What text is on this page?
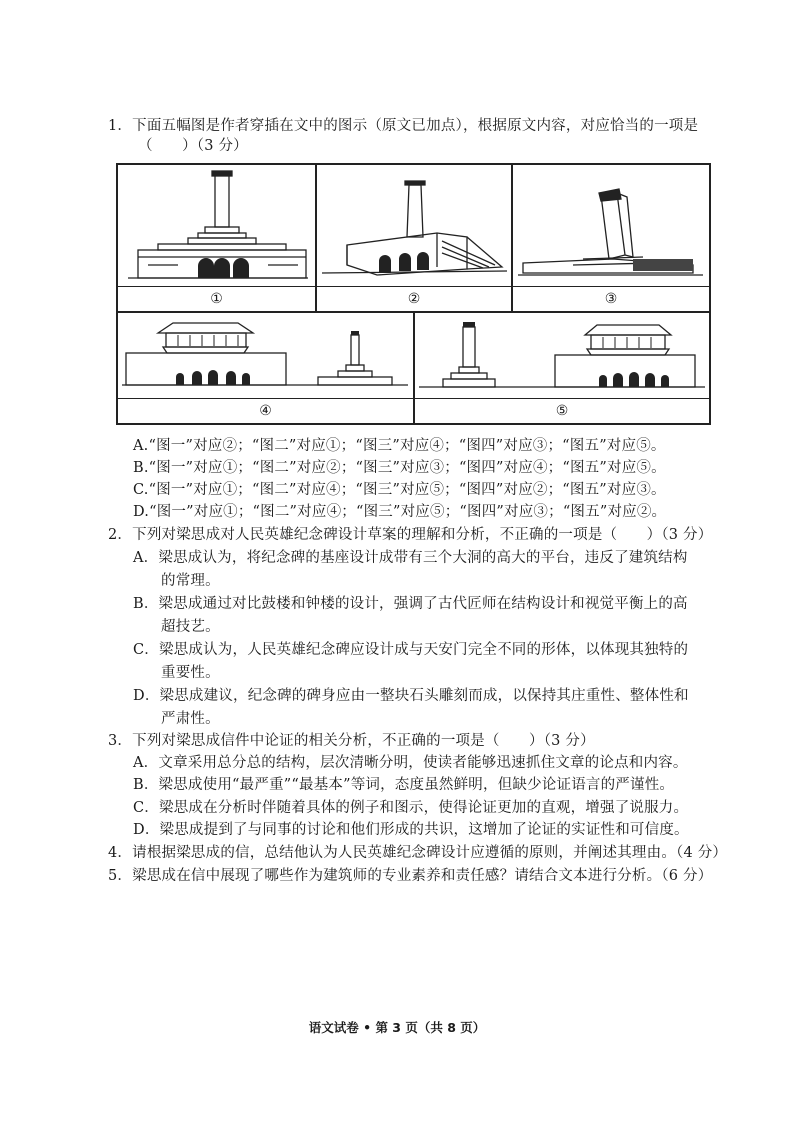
1．下面五幅图是作者穿插在文中的图示（原文已加点），根据原文内容，对应恰当的一项是
（　　）（3 分）
①	②	③
④	⑤
A.“图一”对应②；“图二”对应①；“图三”对应④；“图四”对应③；“图五”对应⑤。
B.“图一”对应①；“图二”对应②；“图三”对应③；“图四”对应④；“图五”对应⑤。
C.“图一”对应①；“图二”对应④；“图三”对应⑤；“图四”对应②；“图五”对应③。
D.“图一”对应①；“图二”对应④；“图三”对应⑤；“图四”对应③；“图五”对应②。
2．下列对梁思成对人民英雄纪念碑设计草案的理解和分析，不正确的一项是（　　）（3 分）
A．梁思成认为，将纪念碑的基座设计成带有三个大洞的高大的平台，违反了建筑结构
的常理。
B．梁思成通过对比鼓楼和钟楼的设计，强调了古代匠师在结构设计和视觉平衡上的高
超技艺。
C．梁思成认为，人民英雄纪念碑应设计成与天安门完全不同的形体，以体现其独特的
重要性。
D．梁思成建议，纪念碑的碑身应由一整块石头雕刻而成，以保持其庄重性、整体性和
严肃性。
3．下列对梁思成信件中论证的相关分析，不正确的一项是（　　）（3 分）
A．文章采用总分总的结构，层次清晰分明，使读者能够迅速抓住文章的论点和内容。
B．梁思成使用“最严重”“最基本”等词，态度虽然鲜明，但缺少论证语言的严谨性。
C．梁思成在分析时伴随着具体的例子和图示，使得论证更加的直观，增强了说服力。
D．梁思成提到了与同事的讨论和他们形成的共识，这增加了论证的实证性和可信度。
4．请根据梁思成的信，总结他认为人民英雄纪念碑设计应遵循的原则，并阐述其理由。（4 分）
5．梁思成在信中展现了哪些作为建筑师的专业素养和责任感？请结合文本进行分析。（6 分）
语文试卷 • 第 3 页（共 8 页）
